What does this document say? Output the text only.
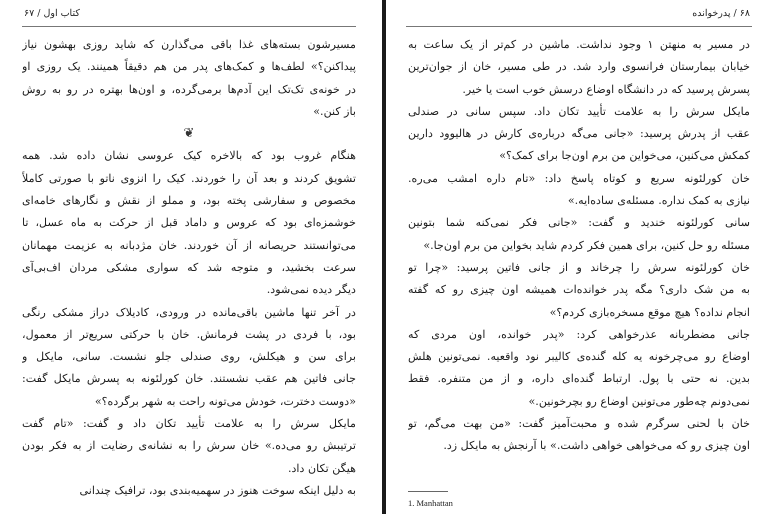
کتاب اول / ۶۷
مسیرشون بسته‌های غذا باقی می‌گذارن که شاید روزی بهشون نیاز
پیداکنن؟» لطف‌ها و کمک‌های پدر من هم دقیقاً همینند. یک روزی او
در خونه‌ی تک‌تک این آدم‌ها برمی‌گرده، و اون‌ها بهتره در رو به روش
باز کنن.»
❦
هنگام غروب بود که بالاخره کیک عروسی نشان داده شد. همه
تشویق کردند و بعد آن را خوردند. کیک را انزوی ناتو با صورتی کاملاً
مخصوص و سفارشی پخته بود، و مملو از نقش و نگارهای خامه‌ای
خوشمزه‌ای بود که عروس و داماد قبل از حرکت به ماه عسل، تا
می‌توانستند حریصانه از آن خوردند. خان مژدبانه به عزیمت مهمانان
سرعت بخشید، و متوجه شد که سواری مشکی مردان اف‌بی‌آی
دیگر دیده نمی‌شود.
در آخر تنها ماشین باقی‌مانده در ورودی، کادیلاک دراز مشکی رنگی
بود، با فردی در پشت فرمانش. خان با حرکتی سریع‌تر از معمول،
برای سن و هیکلش، روی صندلی جلو نشست. سانی، مایکل و
جانی فاتین هم عقب نشستند. خان کورلئونه به پسرش مایکل گفت:
«دوست دخترت، خودش می‌تونه راحت به شهر برگرده؟»
مایکل سرش را به علامت تأیید تکان داد و گفت: «تام گفت
ترتیبش رو می‌ده.» خان سرش را به نشانه‌ی رضایت از به فکر بودن
هیگن تکان داد.
به دلیل اینکه سوخت هنوز در سهمیه‌بندی بود، ترافیک چندانی
۶۸ / پدرخوانده
در مسیر به منهتن ۱ وجود نداشت. ماشین در کم‌تر از یک ساعت به
خیابان بیمارستان فرانسوی وارد شد. در طی مسیر، خان از جوان‌ترین
پسرش پرسید که در دانشگاه اوضاع درسش خوب است یا خیر.
مایکل سرش را به علامت تأیید تکان داد. سپس سانی در صندلی
عقب از پدرش پرسید: «جانی می‌گه درباره‌ی کارش در هالیوود دارین
کمکش می‌کنین، می‌خواین من برم اون‌جا برای کمک؟»
خان کورلئونه سریع و کوتاه پاسخ داد: «تام داره امشب می‌ره.
نیازی به کمک نداره. مسئله‌ی ساده‌ایه.»
سانی کورلئونه خندید و گفت: «جانی فکر نمی‌کنه شما بتونین
مسئله رو حل کنین، برای همین فکر کردم شاید بخواین من برم اون‌جا.»
خان کورلئونه سرش را چرخاند و از جانی فاتین پرسید: «چرا تو
به من شک داری؟ مگه پدر خوانده‌ات همیشه اون چیزی رو که گفته
انجام نداده؟ هیچ موقع مسخره‌بازی کردم؟»
جانی مضطربانه عذرخواهی کرد: «پدر خوانده، اون مردی که
اوضاع رو می‌چرخونه یه کله گنده‌ی کالیبر نود واقعیه. نمی‌تونین هلش
بدین. نه حتی با پول. ارتباط گنده‌ای داره، و از من متنفره. فقط
نمی‌دونم چه‌طور می‌تونین اوضاع رو بچرخونین.»
خان با لحنی سرگرم شده و محبت‌آمیز گفت: «من بهت می‌گم، تو
اون چیزی رو که می‌خواهی خواهی داشت.» با آرنجش به مایکل زد.
1. Manhattan
